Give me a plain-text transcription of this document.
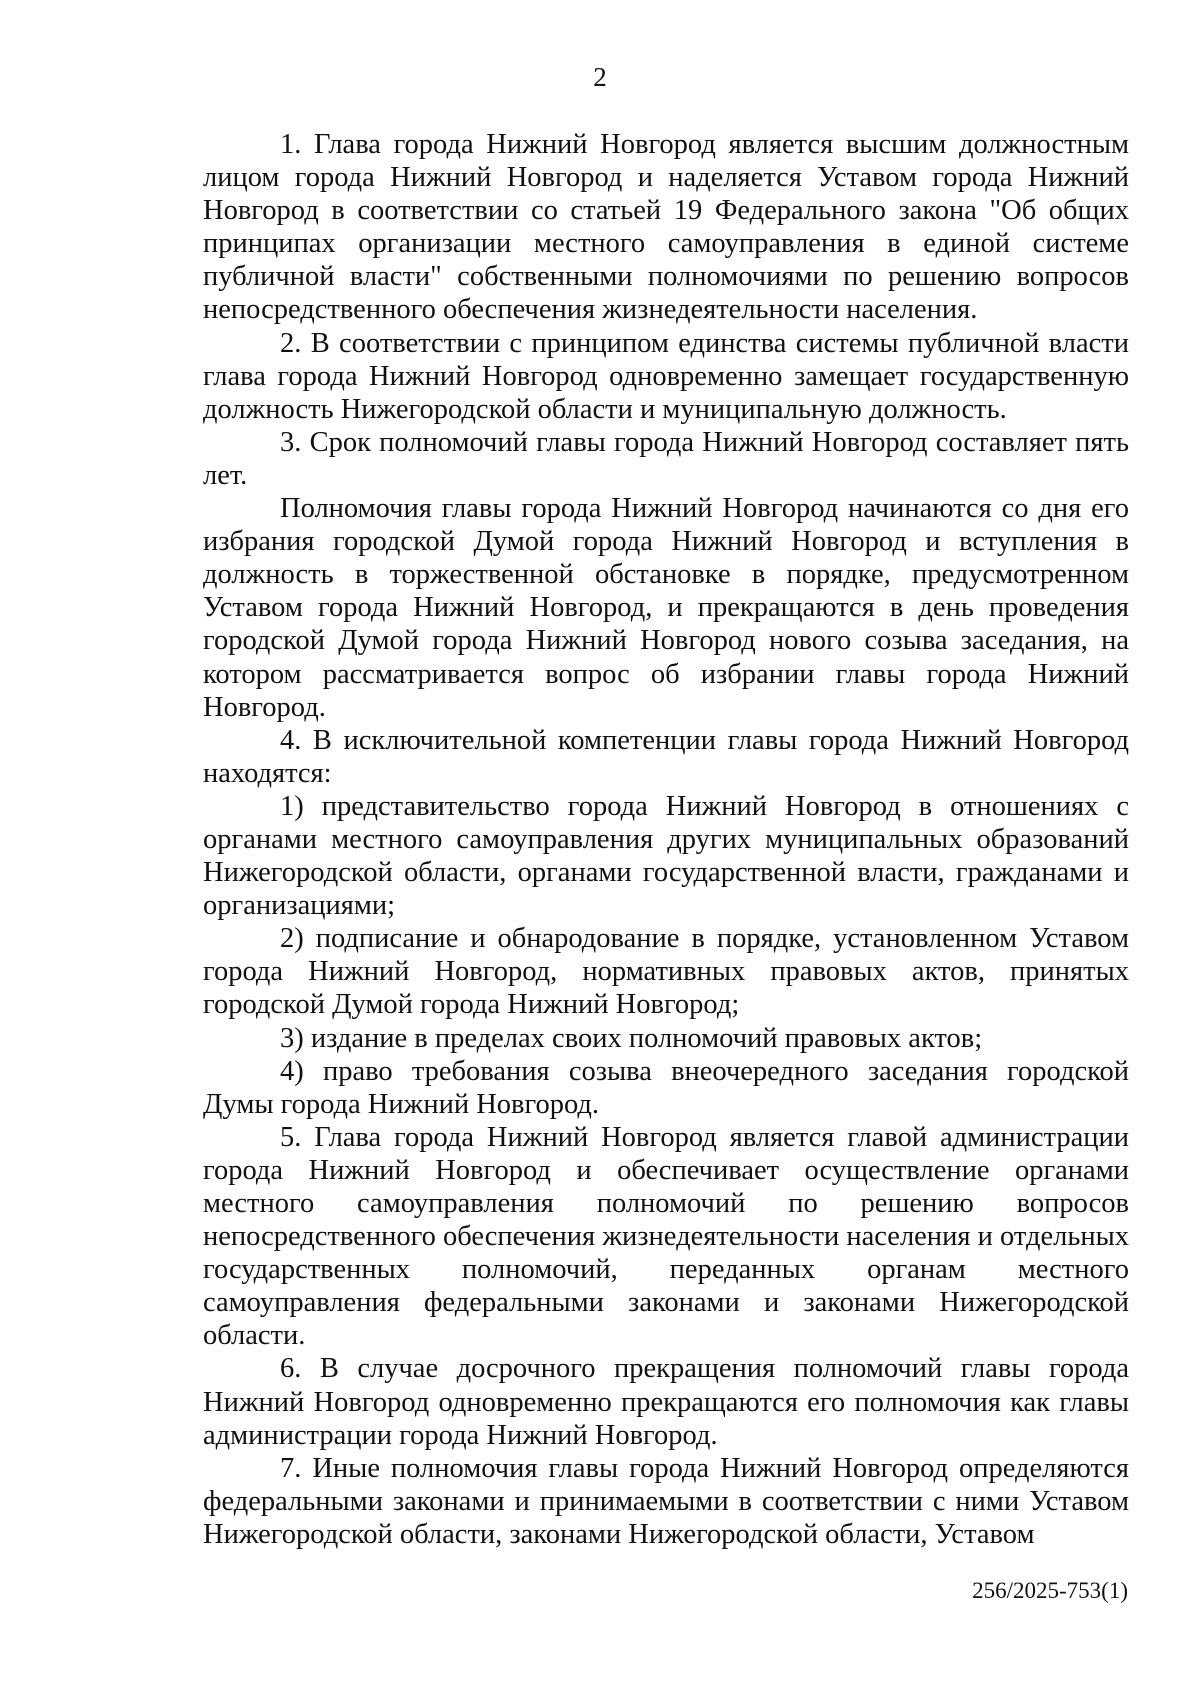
2

1. Глава города Нижний Новгород является высшим должностным лицом города Нижний Новгород и наделяется Уставом города Нижний Новгород в соответствии со статьей 19 Федерального закона "Об общих принципах организации местного самоуправления в единой системе публичной власти" собственными полномочиями по решению вопросов непосредственного обеспечения жизнедеятельности населения.

2. В соответствии с принципом единства системы публичной власти глава города Нижний Новгород одновременно замещает государственную должность Нижегородской области и муниципальную должность.

3. Срок полномочий главы города Нижний Новгород составляет пять лет.

Полномочия главы города Нижний Новгород начинаются со дня его избрания городской Думой города Нижний Новгород и вступления в должность в торжественной обстановке в порядке, предусмотренном Уставом города Нижний Новгород, и прекращаются в день проведения городской Думой города Нижний Новгород нового созыва заседания, на котором рассматривается вопрос об избрании главы города Нижний Новгород.

4. В исключительной компетенции главы города Нижний Новгород находятся:

1) представительство города Нижний Новгород в отношениях с органами местного самоуправления других муниципальных образований Нижегородской области, органами государственной власти, гражданами и организациями;

2) подписание и обнародование в порядке, установленном Уставом города Нижний Новгород, нормативных правовых актов, принятых городской Думой города Нижний Новгород;

3) издание в пределах своих полномочий правовых актов;

4) право требования созыва внеочередного заседания городской Думы города Нижний Новгород.

5. Глава города Нижний Новгород является главой администрации города Нижний Новгород и обеспечивает осуществление органами местного самоуправления полномочий по решению вопросов непосредственного обеспечения жизнедеятельности населения и отдельных государственных полномочий, переданных органам местного самоуправления федеральными законами и законами Нижегородской области.

6. В случае досрочного прекращения полномочий главы города Нижний Новгород одновременно прекращаются его полномочия как главы администрации города Нижний Новгород.

7. Иные полномочия главы города Нижний Новгород определяются федеральными законами и принимаемыми в соответствии с ними Уставом Нижегородской области, законами Нижегородской области, Уставом

256/2025-753(1)
